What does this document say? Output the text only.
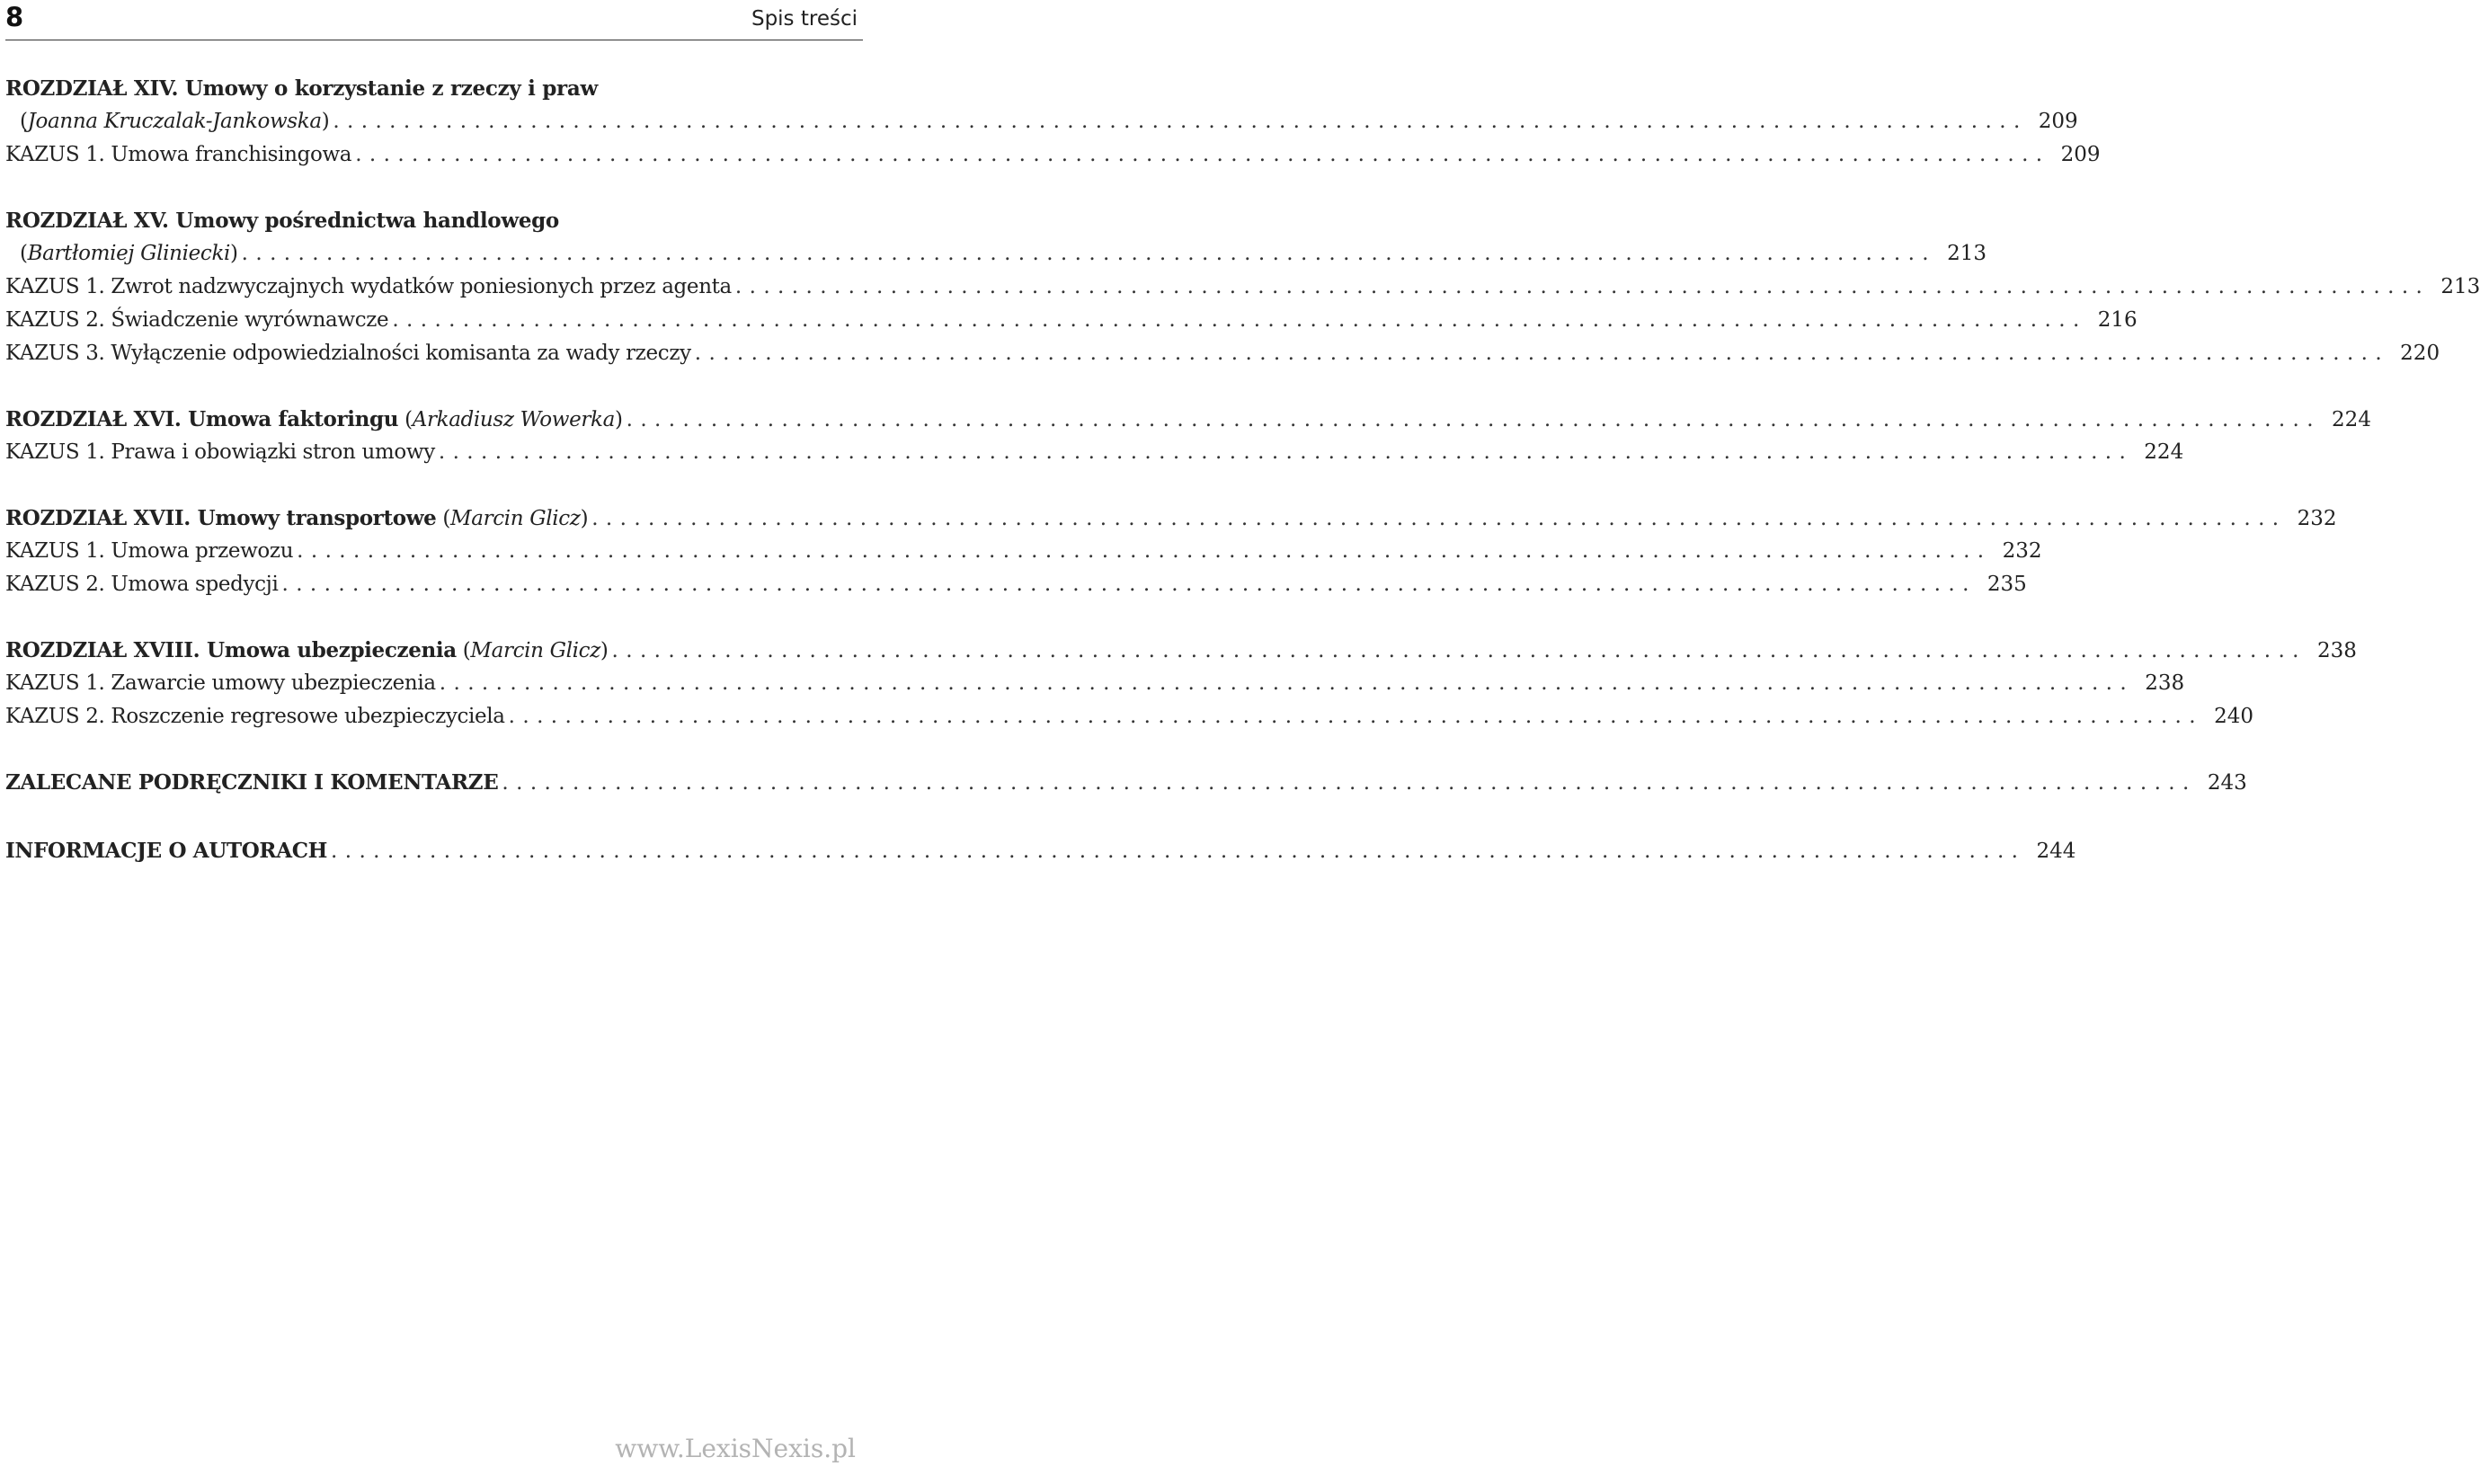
8	Spis treści
ROZDZIAŁ XIV. Umowy o korzystanie z rzeczy i praw
(Joanna Kruczalak-Jankowska) ........................................................................................................................ 209
KAZUS 1. Umowa franchisingowa ........................................................................................................................ 209
ROZDZIAŁ XV. Umowy pośrednictwa handlowego
(Bartłomiej Gliniecki) ........................................................................................................................ 213
KAZUS 1. Zwrot nadzwyczajnych wydatków poniesionych przez agenta ........................................................................................................................ 213
KAZUS 2. Świadczenie wyrównawcze ........................................................................................................................ 216
KAZUS 3. Wyłączenie odpowiedzialności komisanta za wady rzeczy ........................................................................................................................ 220
ROZDZIAŁ XVI. Umowa faktoringu (Arkadiusz Wowerka) ........................................................................................................................ 224
KAZUS 1. Prawa i obowiązki stron umowy ........................................................................................................................ 224
ROZDZIAŁ XVII. Umowy transportowe (Marcin Glicz) ........................................................................................................................ 232
KAZUS 1. Umowa przewozu ........................................................................................................................ 232
KAZUS 2. Umowa spedycji ........................................................................................................................ 235
ROZDZIAŁ XVIII. Umowa ubezpieczenia (Marcin Glicz) ........................................................................................................................ 238
KAZUS 1. Zawarcie umowy ubezpieczenia ........................................................................................................................ 238
KAZUS 2. Roszczenie regresowe ubezpieczyciela ........................................................................................................................ 240
ZALECANE PODRĘCZNIKI I KOMENTARZE ........................................................................................................................ 243
INFORMACJE O AUTORACH ........................................................................................................................ 244
www.LexisNexis.pl
